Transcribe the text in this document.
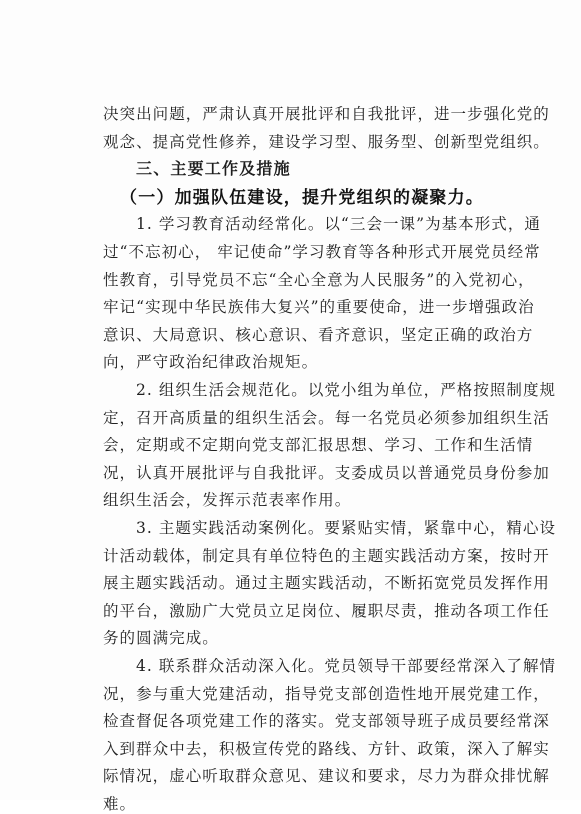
决突出问题，严肃认真开展批评和自我批评，进一步强化党的
观念、提高党性修养，建设学习型、服务型、创新型党组织。
三、主要工作及措施
（一）加强队伍建设，提升党组织的凝聚力。
1. 学习教育活动经常化。以“三会一课”为基本形式，通
过“不忘初心， 牢记使命”学习教育等各种形式开展党员经常
性教育，引导党员不忘“全心全意为人民服务”的入党初心，
牢记“实现中华民族伟大复兴”的重要使命，进一步增强政治
意识、大局意识、核心意识、看齐意识，坚定正确的政治方
向，严守政治纪律政治规矩。
2. 组织生活会规范化。以党小组为单位，严格按照制度规
定，召开高质量的组织生活会。每一名党员必须参加组织生活
会，定期或不定期向党支部汇报思想、学习、工作和生活情
况，认真开展批评与自我批评。支委成员以普通党员身份参加
组织生活会，发挥示范表率作用。
3. 主题实践活动案例化。要紧贴实情，紧靠中心，精心设
计活动载体，制定具有单位特色的主题实践活动方案，按时开
展主题实践活动。通过主题实践活动，不断拓宽党员发挥作用
的平台，激励广大党员立足岗位、履职尽责，推动各项工作任
务的圆满完成。
4. 联系群众活动深入化。党员领导干部要经常深入了解情
况，参与重大党建活动，指导党支部创造性地开展党建工作，
检查督促各项党建工作的落实。党支部领导班子成员要经常深
入到群众中去，积极宣传党的路线、方针、政策，深入了解实
际情况，虚心听取群众意见、建议和要求，尽力为群众排忧解
难。
